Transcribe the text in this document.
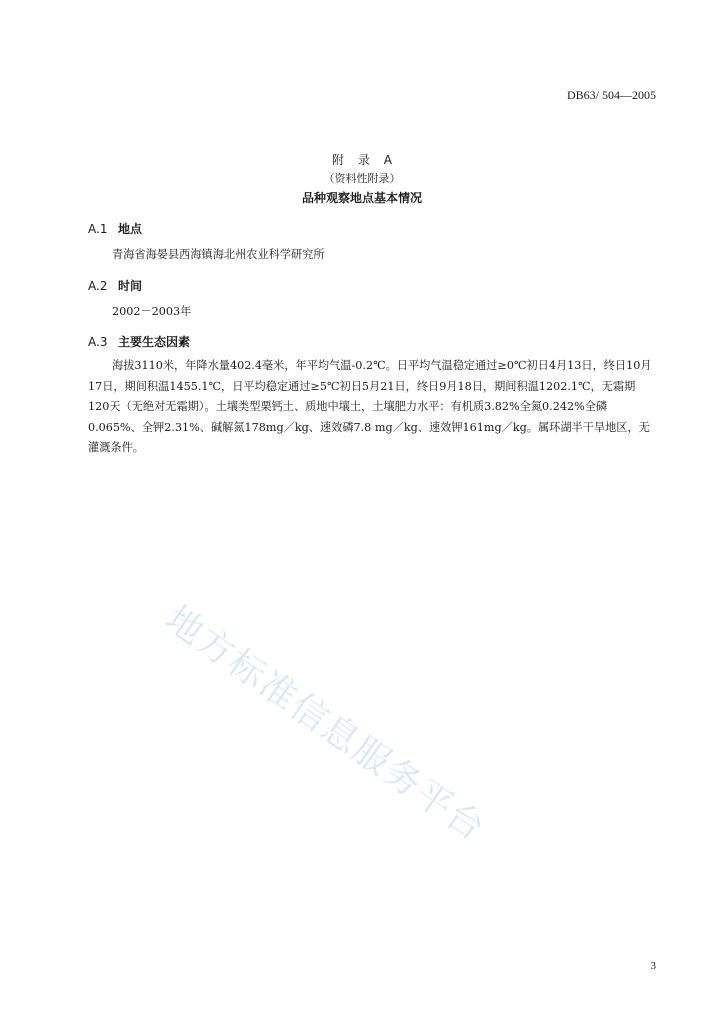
DB63/ 504—2005
附 录 A
（资料性附录）
品种观察地点基本情况
A.1 地点
青海省海晏县西海镇海北州农业科学研究所
A.2 时间
2002－2003年
A.3 主要生态因素
海拔3110米，年降水量402.4毫米，年平均气温-0.2℃。日平均气温稳定通过≥0℃初日4月13日，终日10月17日，期间积温1455.1℃，日平均稳定通过≥5℃初日5月21日，终日9月18日，期间积温1202.1℃，无霜期120天（无绝对无霜期）。土壤类型栗钙土、质地中壤土，土壤肥力水平：有机质3.82%全氮0.242%全磷0.065%、全钾2.31%、碱解氮178mg／kg、速效磷7.8 mg／kg、速效钾161mg／kg。属环湖半干旱地区，无灌溉条件。
地方标准信息服务平台
3
